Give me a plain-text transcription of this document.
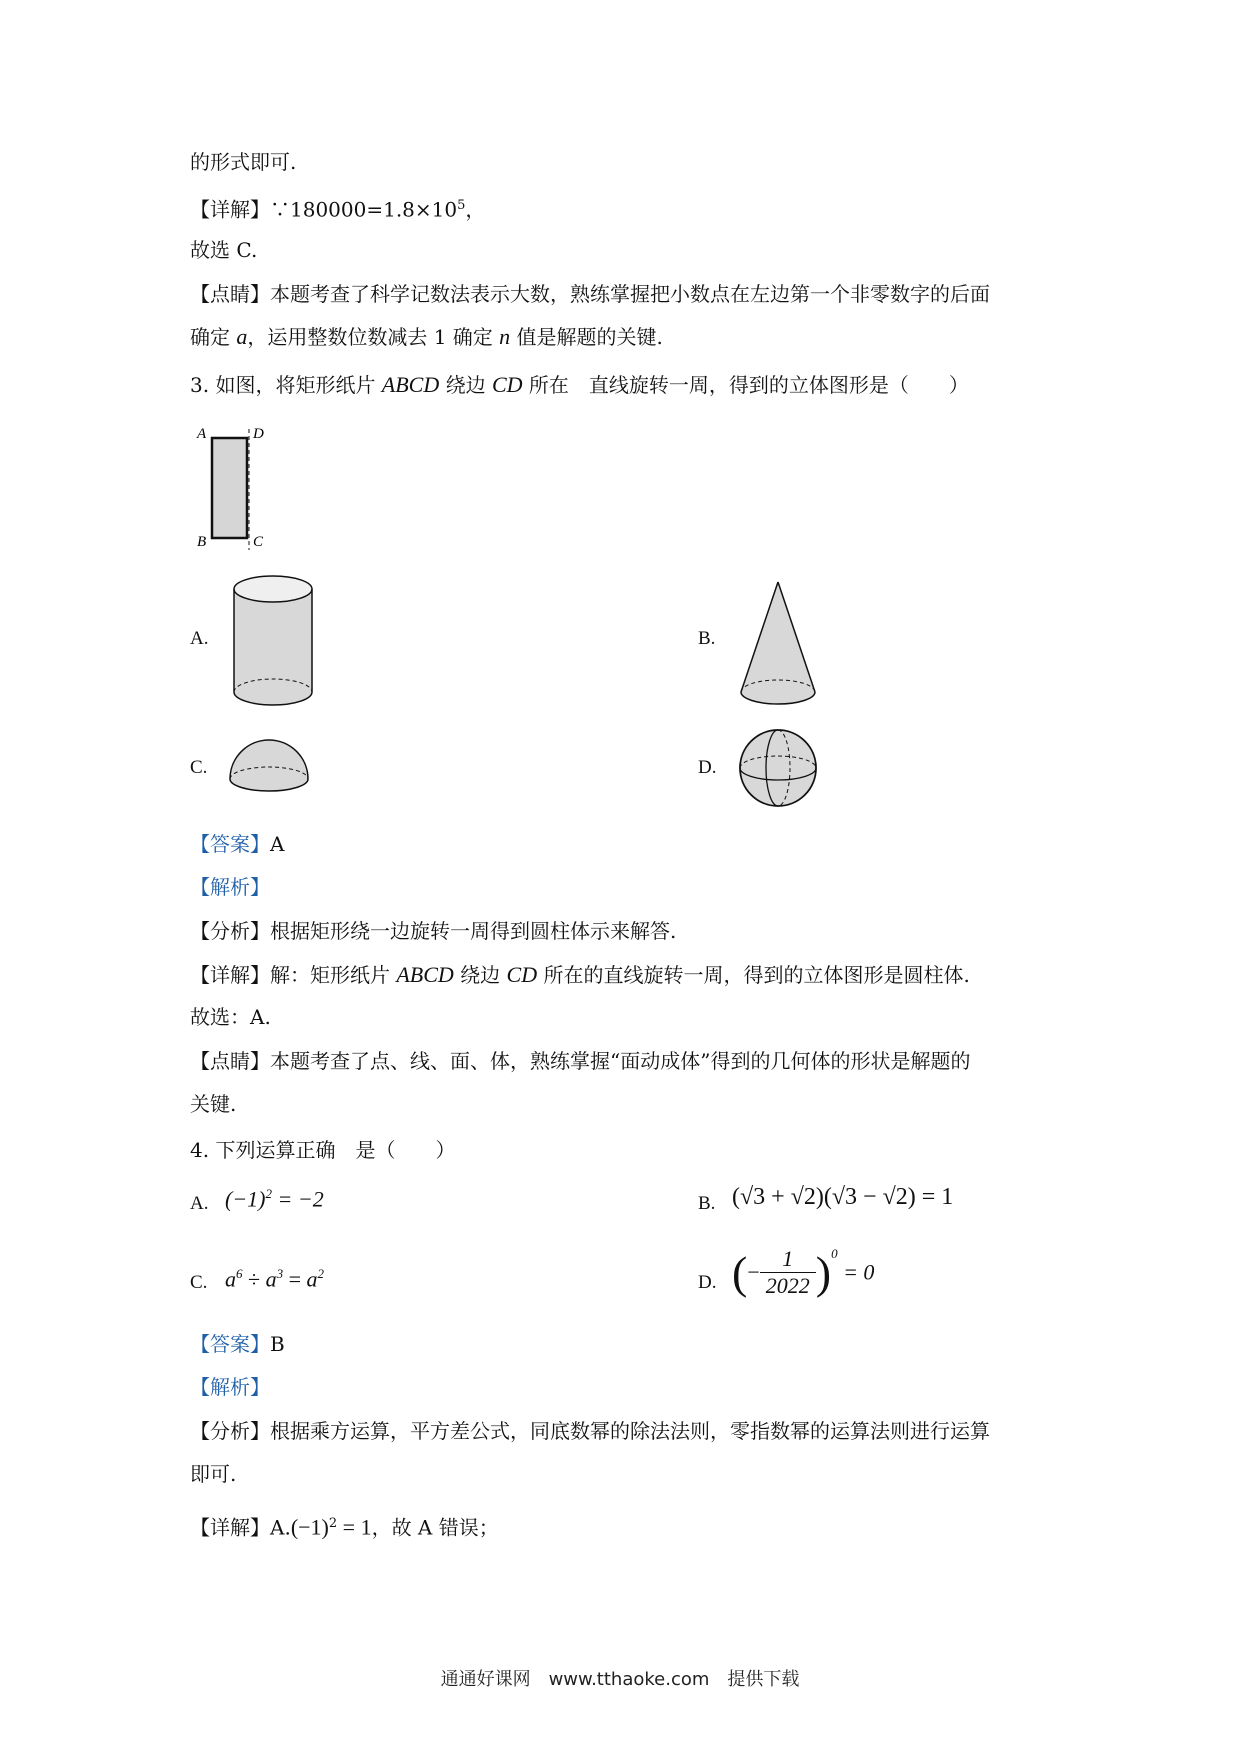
的形式即可.
【详解】$\because 180000=1.8\times 10^5$，
故选 C.
【点睛】本题考查了科学记数法表示大数，熟练掌握把小数点在左边第一个非零数字的后面
确定 a，运用整数位数减去 1 确定 n 值是解题的关键.
3. 如图，将矩形纸片 ABCD 绕边 CD 所在　直线旋转一周，得到的立体图形是（　　）
A	D
B	C
A.	B.
C.	D.
【答案】A
【解析】
【分析】根据矩形绕一边旋转一周得到圆柱体示来解答.
【详解】解：矩形纸片 ABCD 绕边 CD 所在的直线旋转一周，得到的立体图形是圆柱体.
故选：A.
【点睛】本题考查了点、线、面、体，熟练掌握“面动成体”得到的几何体的形状是解题的
关键.
4. 下列运算正确　是（　　）
A. $(-1)^2 = -2$	B. (√3 + √2)(√3 − √2) = 1
C. $a^6 \div a^3 = a^2$	D. (− $\frac{1}{2022} )^0 = 0$
【答案】B
【解析】
【分析】根据乘方运算，平方差公式，同底数幂的除法法则，零指数幂的运算法则进行运算
即可.
【详解】$A.(-1)^2 = 1$，故 A 错误；
通通好课网　www.tthaoke.com　提供下载
